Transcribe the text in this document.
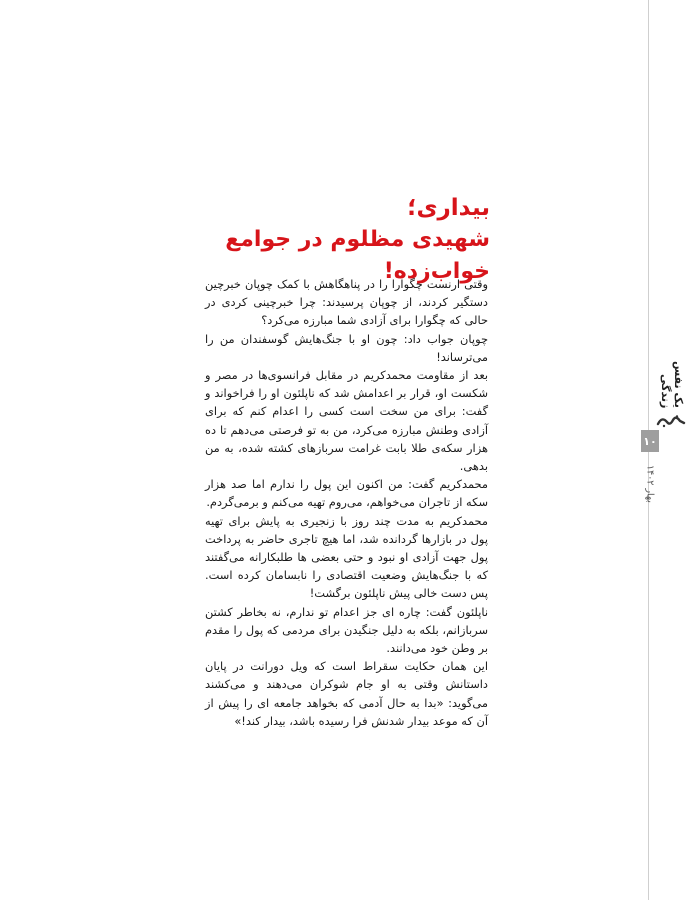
بیداری؛
شهیدی مظلوم در جوامع خواب‌زده!

وقتی ارنست چگوارا را در پناهگاهش با کمک چوپان خبرچین دستگیر کردند، از چوپان پرسیدند: چرا خبرچینی کردی در حالی که چگوارا برای آزادی شما مبارزه می‌کرد؟

چوپان جواب داد: چون او با جنگ‌هایش گوسفندان من را می‌ترساند!

بعد از مقاومت محمدکریم در مقابل فرانسوی‌ها در مصر و شکست او، قرار بر اعدامش شد که ناپلئون او را فراخواند و گفت: برای من سخت است کسی را اعدام کنم که برای آزادی وطنش مبارزه می‌کرد، من به تو فرصتی می‌دهم تا ده هزار سکه‌ی طلا بابت غرامت سربازهای کشته شده، به من بدهی.

محمدکریم گفت: من اکنون این پول را ندارم اما صد هزار سکه از تاجران می‌خواهم، می‌روم تهیه می‌کنم و برمی‌گردم.

محمدکریم به مدت چند روز با زنجیری به پایش برای تهیه پول در بازارها گردانده شد، اما هیچ تاجری حاضر به پرداخت پول جهت آزادی او نبود و حتی بعضی ها طلبکارانه می‌گفتند که با جنگ‌هایش وضعیت اقتصادی را نابسامان کرده است. پس دست خالی پیش ناپلئون برگشت!

ناپلئون گفت: چاره ای جز اعدام تو ندارم، نه بخاطر کشتن سربازانم، بلکه به دلیل جنگیدن برای مردمی که پول را مقدم بر وطن خود می‌دانند.

این همان حکایت سقراط است که ویل دورانت در پایان داستانش وقتی به او جام شوکران می‌دهند و می‌کشند می‌گوید: «بدا به حال آدمی که بخواهد جامعه ای را پیش از آن که موعد بیدار شدنش فرا رسیده باشد، بیدار کند!»

یک نفس زندگی
۱۰
بهار ۱۴۰۲
